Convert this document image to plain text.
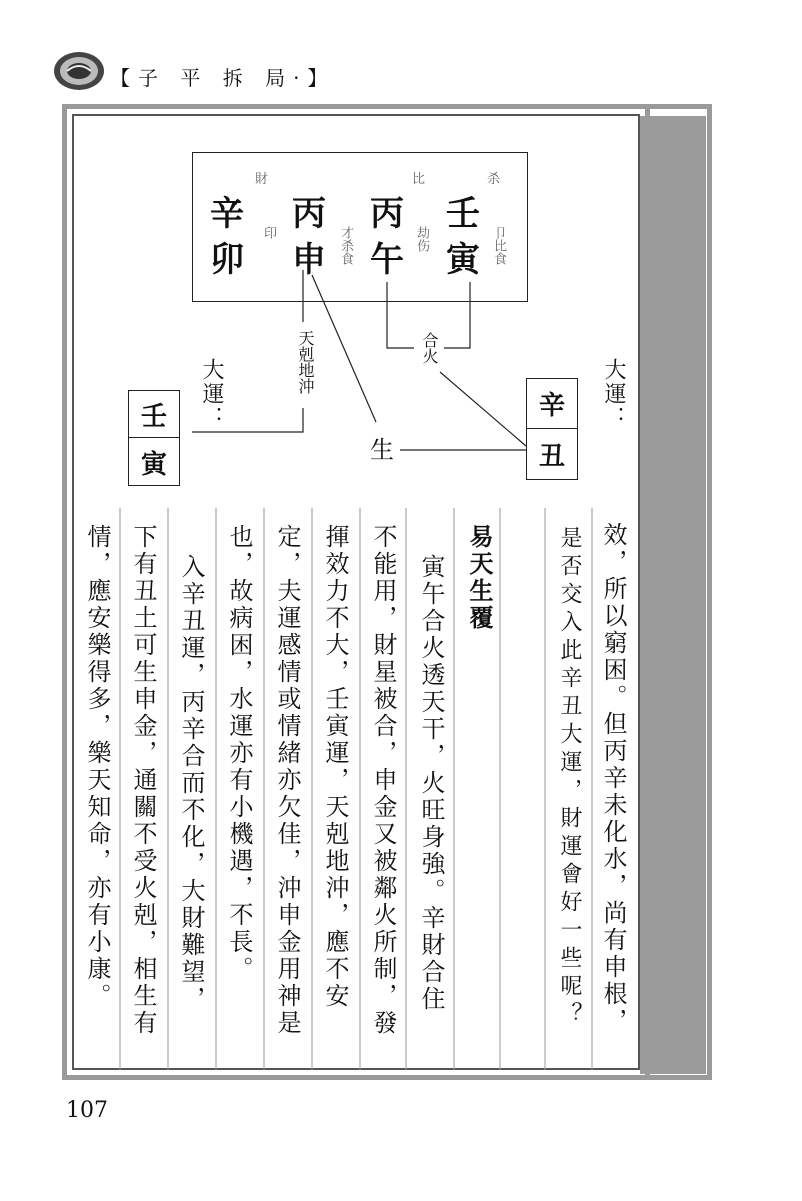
【子 平 拆 局·】
財	比	杀
辛 丙 丙 壬
卯 申 午 寅
印	才杀食	劫伤	卩比食
天剋地沖	合火
生
大運：
壬
寅
大運：
辛
丑
效，所以窮困。但丙辛未化水，尚有申根，
是否交入此辛丑大運，財運會好一些呢？
易天生覆
寅午合火透天干，火旺身強。辛財合住
不能用，財星被合，申金又被鄰火所制，發
揮效力不大，壬寅運，天剋地沖，應不安
定，夫運感情或情緒亦欠佳，沖申金用神是
也，故病困，水運亦有小機遇，不長。
入辛丑運，丙辛合而不化，大財難望，
下有丑土可生申金，通關不受火剋，相生有
情，應安樂得多，樂天知命，亦有小康。
107
